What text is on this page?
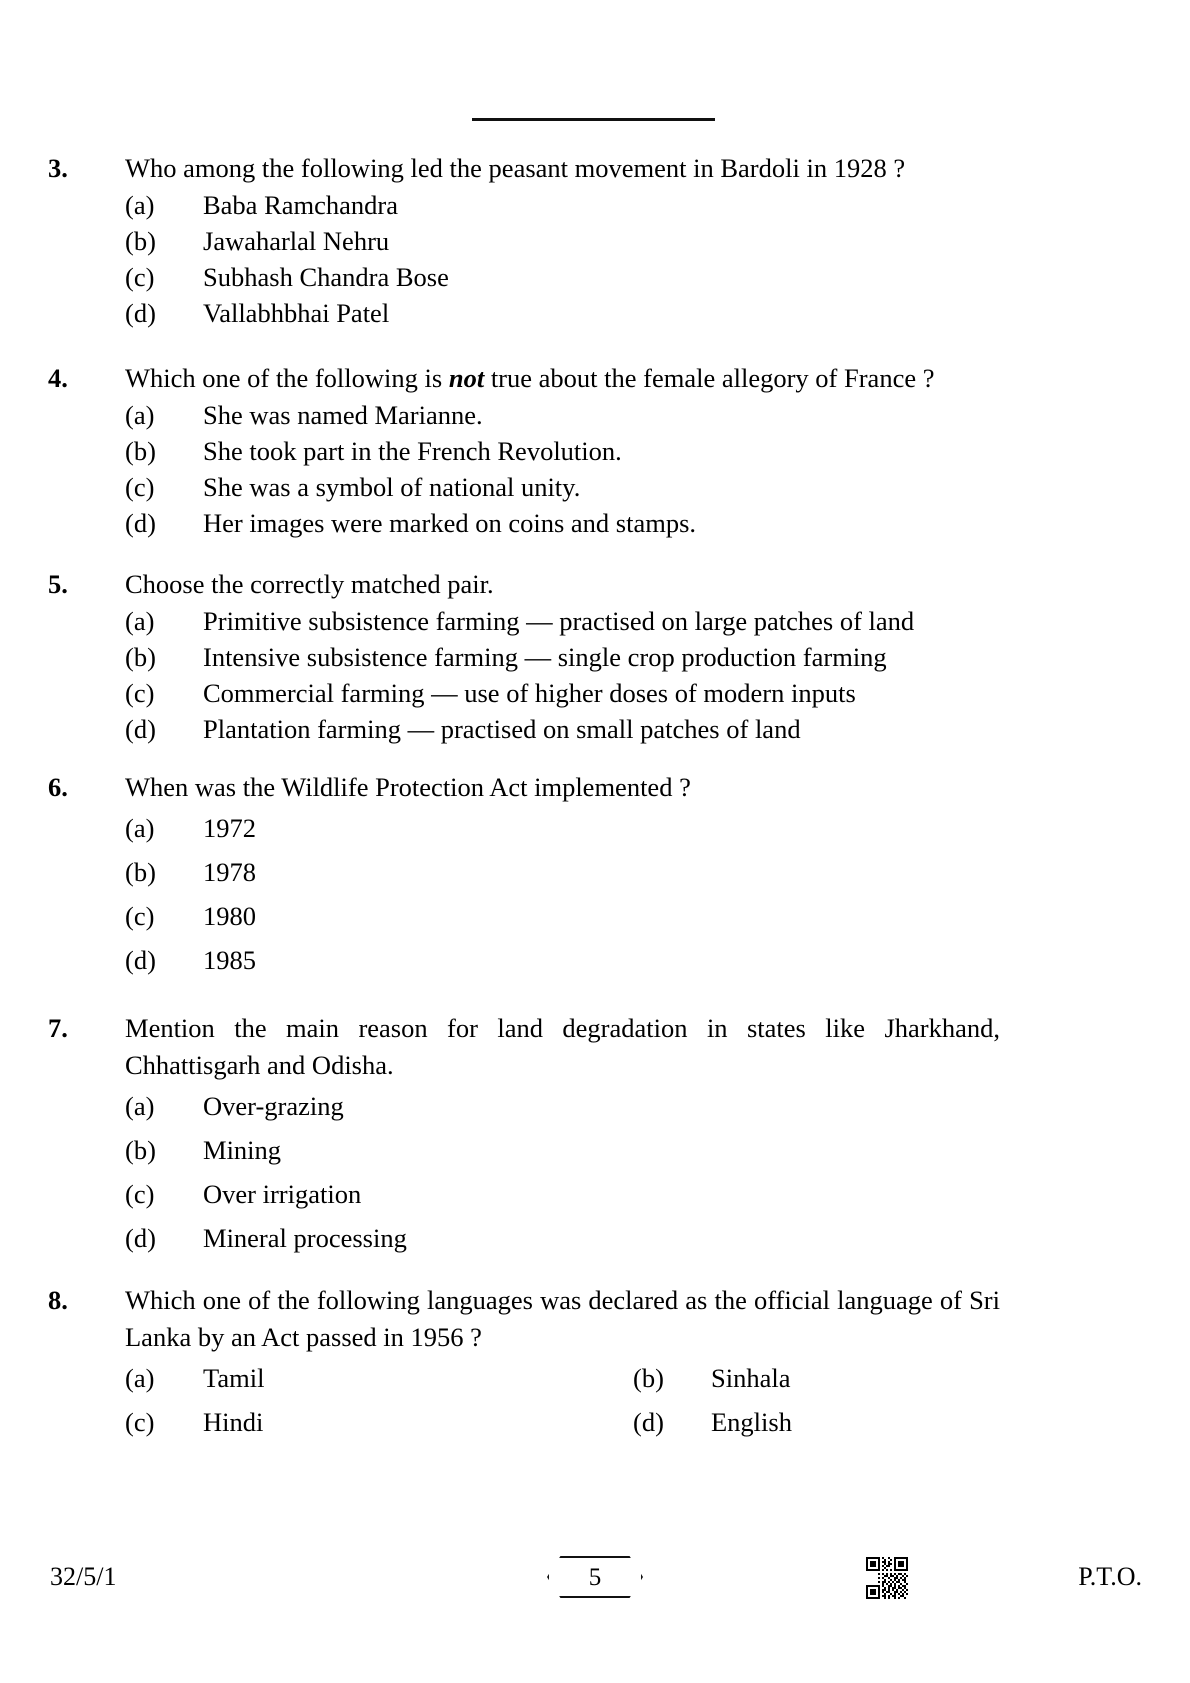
3. Who among the following led the peasant movement in Bardoli in 1928 ?
(a) Baba Ramchandra
(b) Jawaharlal Nehru
(c) Subhash Chandra Bose
(d) Vallabhbhai Patel
4. Which one of the following is not true about the female allegory of France ?
(a) She was named Marianne.
(b) She took part in the French Revolution.
(c) She was a symbol of national unity.
(d) Her images were marked on coins and stamps.
5. Choose the correctly matched pair.
(a) Primitive subsistence farming — practised on large patches of land
(b) Intensive subsistence farming — single crop production farming
(c) Commercial farming — use of higher doses of modern inputs
(d) Plantation farming — practised on small patches of land
6. When was the Wildlife Protection Act implemented ?
(a) 1972
(b) 1978
(c) 1980
(d) 1985
7. Mention the main reason for land degradation in states like Jharkhand, Chhattisgarh and Odisha.
(a) Over-grazing
(b) Mining
(c) Over irrigation
(d) Mineral processing
8. Which one of the following languages was declared as the official language of Sri Lanka by an Act passed in 1956 ?
(a) Tamil	(b) Sinhala
(c) Hindi	(d) English
32/5/1	5	P.T.O.
